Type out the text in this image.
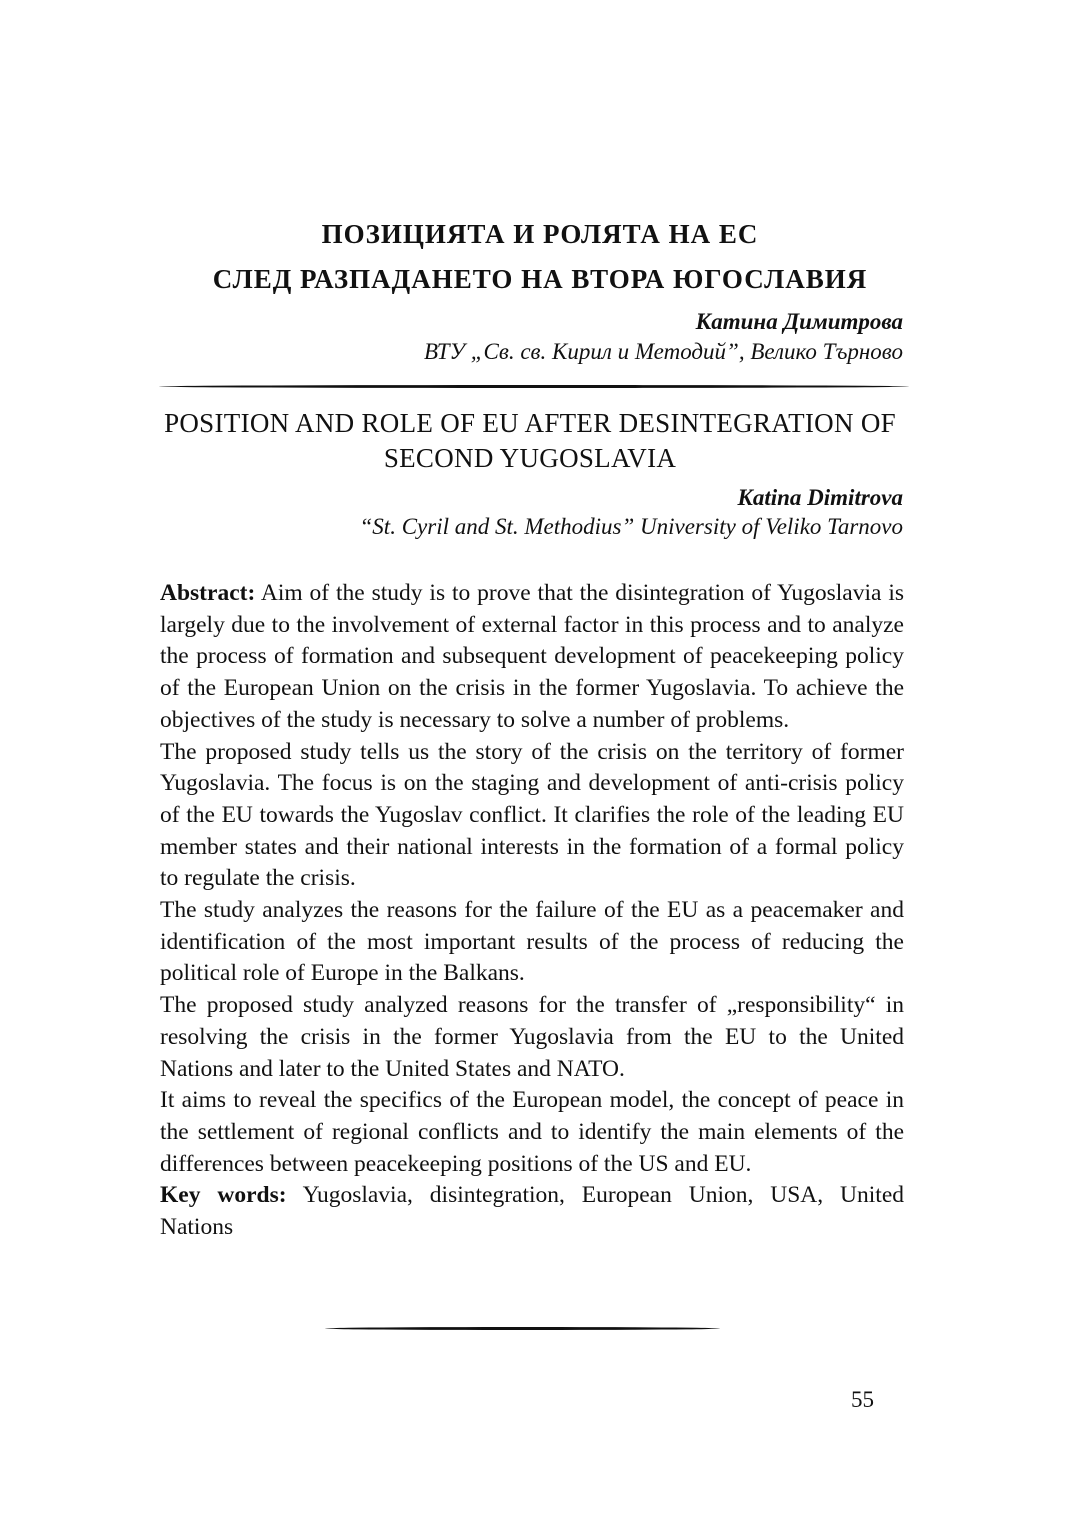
ПОЗИЦИЯТА И РОЛЯТА НА ЕС
СЛЕД РАЗПАДАНЕТО НА ВТОРА ЮГОСЛАВИЯ
Катина Димитрова
ВТУ „Св. св. Кирил и Методий”, Велико Търново
POSITION AND ROLE OF EU AFTER DESINTEGRATION OF
SECOND YUGOSLAVIA
Katina Dimitrova
“St. Cyril and St. Methodius” University of Veliko Tarnovo

Abstract: Aim of the study is to prove that the disintegration of Yugoslavia is largely due to the involvement of external factor in this process and to analyze the process of formation and subsequent development of peacekeeping policy of the European Union on the crisis in the former Yugoslavia. To achieve the objectives of the study is necessary to solve a number of problems.

The proposed study tells us the story of the crisis on the territory of former Yugoslavia. The focus is on the staging and development of anti-crisis policy of the EU towards the Yugoslav conflict. It clarifies the role of the leading EU member states and their national interests in the formation of a formal policy to regulate the crisis.

The study analyzes the reasons for the failure of the EU as a peacemaker and identification of the most important results of the process of reducing the political role of Europe in the Balkans.

The proposed study analyzed reasons for the transfer of „responsibility“ in resolving the crisis in the former Yugoslavia from the EU to the United Nations and later to the United States and NATO.

It aims to reveal the specifics of the European model, the concept of peace in the settlement of regional conflicts and to identify the main elements of the differences between peacekeeping positions of the US and EU.

Key words: Yugoslavia, disintegration, European Union, USA, United Nations

55
